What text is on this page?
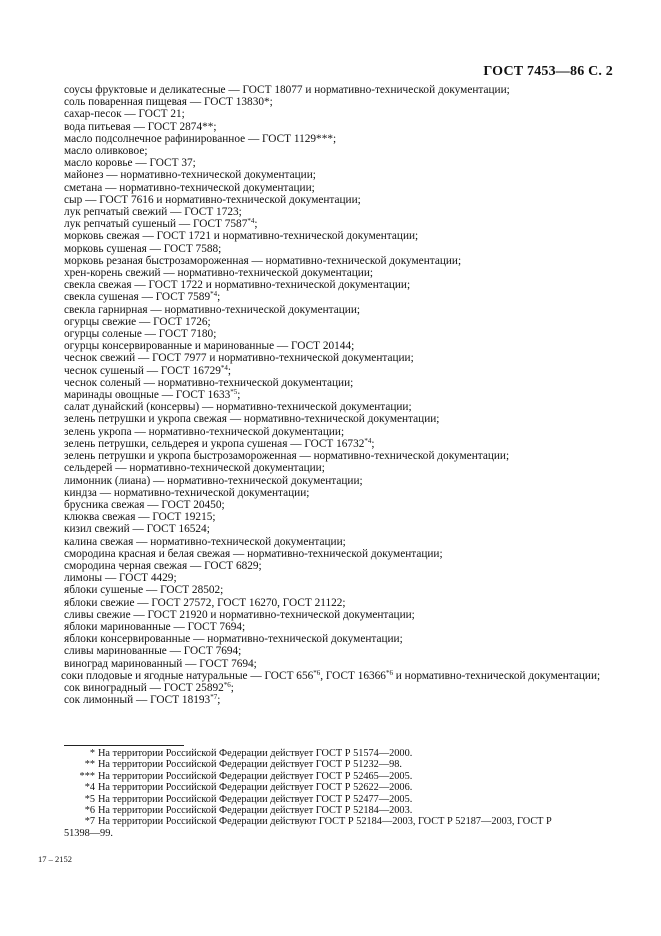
ГОСТ 7453—86 С. 2
соусы фруктовые и деликатесные — ГОСТ 18077 и нормативно-технической документации;
соль поваренная пищевая — ГОСТ 13830*;
сахар-песок — ГОСТ 21;
вода питьевая — ГОСТ 2874**;
масло подсолнечное рафинированное — ГОСТ 1129***;
масло оливковое;
масло коровье — ГОСТ 37;
майонез — нормативно-технической документации;
сметана — нормативно-технической документации;
сыр — ГОСТ 7616 и нормативно-технической документации;
лук репчатый свежий — ГОСТ 1723;
лук репчатый сушеный — ГОСТ 7587$^{*4}$;
морковь свежая — ГОСТ 1721 и нормативно-технической документации;
морковь сушеная — ГОСТ 7588;
морковь резаная быстрозамороженная — нормативно-технической документации;
хрен-корень свежий — нормативно-технической документации;
свекла свежая — ГОСТ 1722 и нормативно-технической документации;
свекла сушеная — ГОСТ 7589$^{*4}$;
свекла гарнирная — нормативно-технической документации;
огурцы свежие — ГОСТ 1726;
огурцы соленые — ГОСТ 7180;
огурцы консервированные и маринованные — ГОСТ 20144;
чеснок свежий — ГОСТ 7977 и нормативно-технической документации;
чеснок сушеный — ГОСТ 16729$^{*4}$;
чеснок соленый — нормативно-технической документации;
маринады овощные — ГОСТ 1633$^{*5}$;
салат дунайский (консервы) — нормативно-технической документации;
зелень петрушки и укропа свежая — нормативно-технической документации;
зелень укропа — нормативно-технической документации;
зелень петрушки, сельдерея и укропа сушеная — ГОСТ 16732$^{*4}$;
зелень петрушки и укропа быстрозамороженная — нормативно-технической документации;
сельдерей — нормативно-технической документации;
лимонник (лиана) — нормативно-технической документации;
киндза — нормативно-технической документации;
брусника свежая — ГОСТ 20450;
клюква свежая — ГОСТ 19215;
кизил свежий — ГОСТ 16524;
калина свежая — нормативно-технической документации;
смородина красная и белая свежая — нормативно-технической документации;
смородина черная свежая — ГОСТ 6829;
лимоны — ГОСТ 4429;
яблоки сушеные — ГОСТ 28502;
яблоки свежие — ГОСТ 27572, ГОСТ 16270, ГОСТ 21122;
сливы свежие — ГОСТ 21920 и нормативно-технической документации;
яблоки маринованные — ГОСТ 7694;
яблоки консервированные — нормативно-технической документации;
сливы маринованные — ГОСТ 7694;
виноград маринованный — ГОСТ 7694;
соки плодовые и ягодные натуральные — ГОСТ 656$^{*6}$, ГОСТ 16366$^{*6}$ и нормативно-технической документации;
сок виноградный — ГОСТ 25892$^{*6}$;
сок лимонный — ГОСТ 18193$^{*7}$;
* На территории Российской Федерации действует ГОСТ Р 51574—2000.
** На территории Российской Федерации действует ГОСТ Р 51232—98.
*** На территории Российской Федерации действует ГОСТ Р 52465—2005.
*4 На территории Российской Федерации действует ГОСТ Р 52622—2006.
*5 На территории Российской Федерации действует ГОСТ Р 52477—2005.
*6 На территории Российской Федерации действует ГОСТ Р 52184—2003.
*7 На территории Российской Федерации действуют ГОСТ Р 52184—2003, ГОСТ Р 52187—2003, ГОСТ Р
51398—99.
17 – 2152
